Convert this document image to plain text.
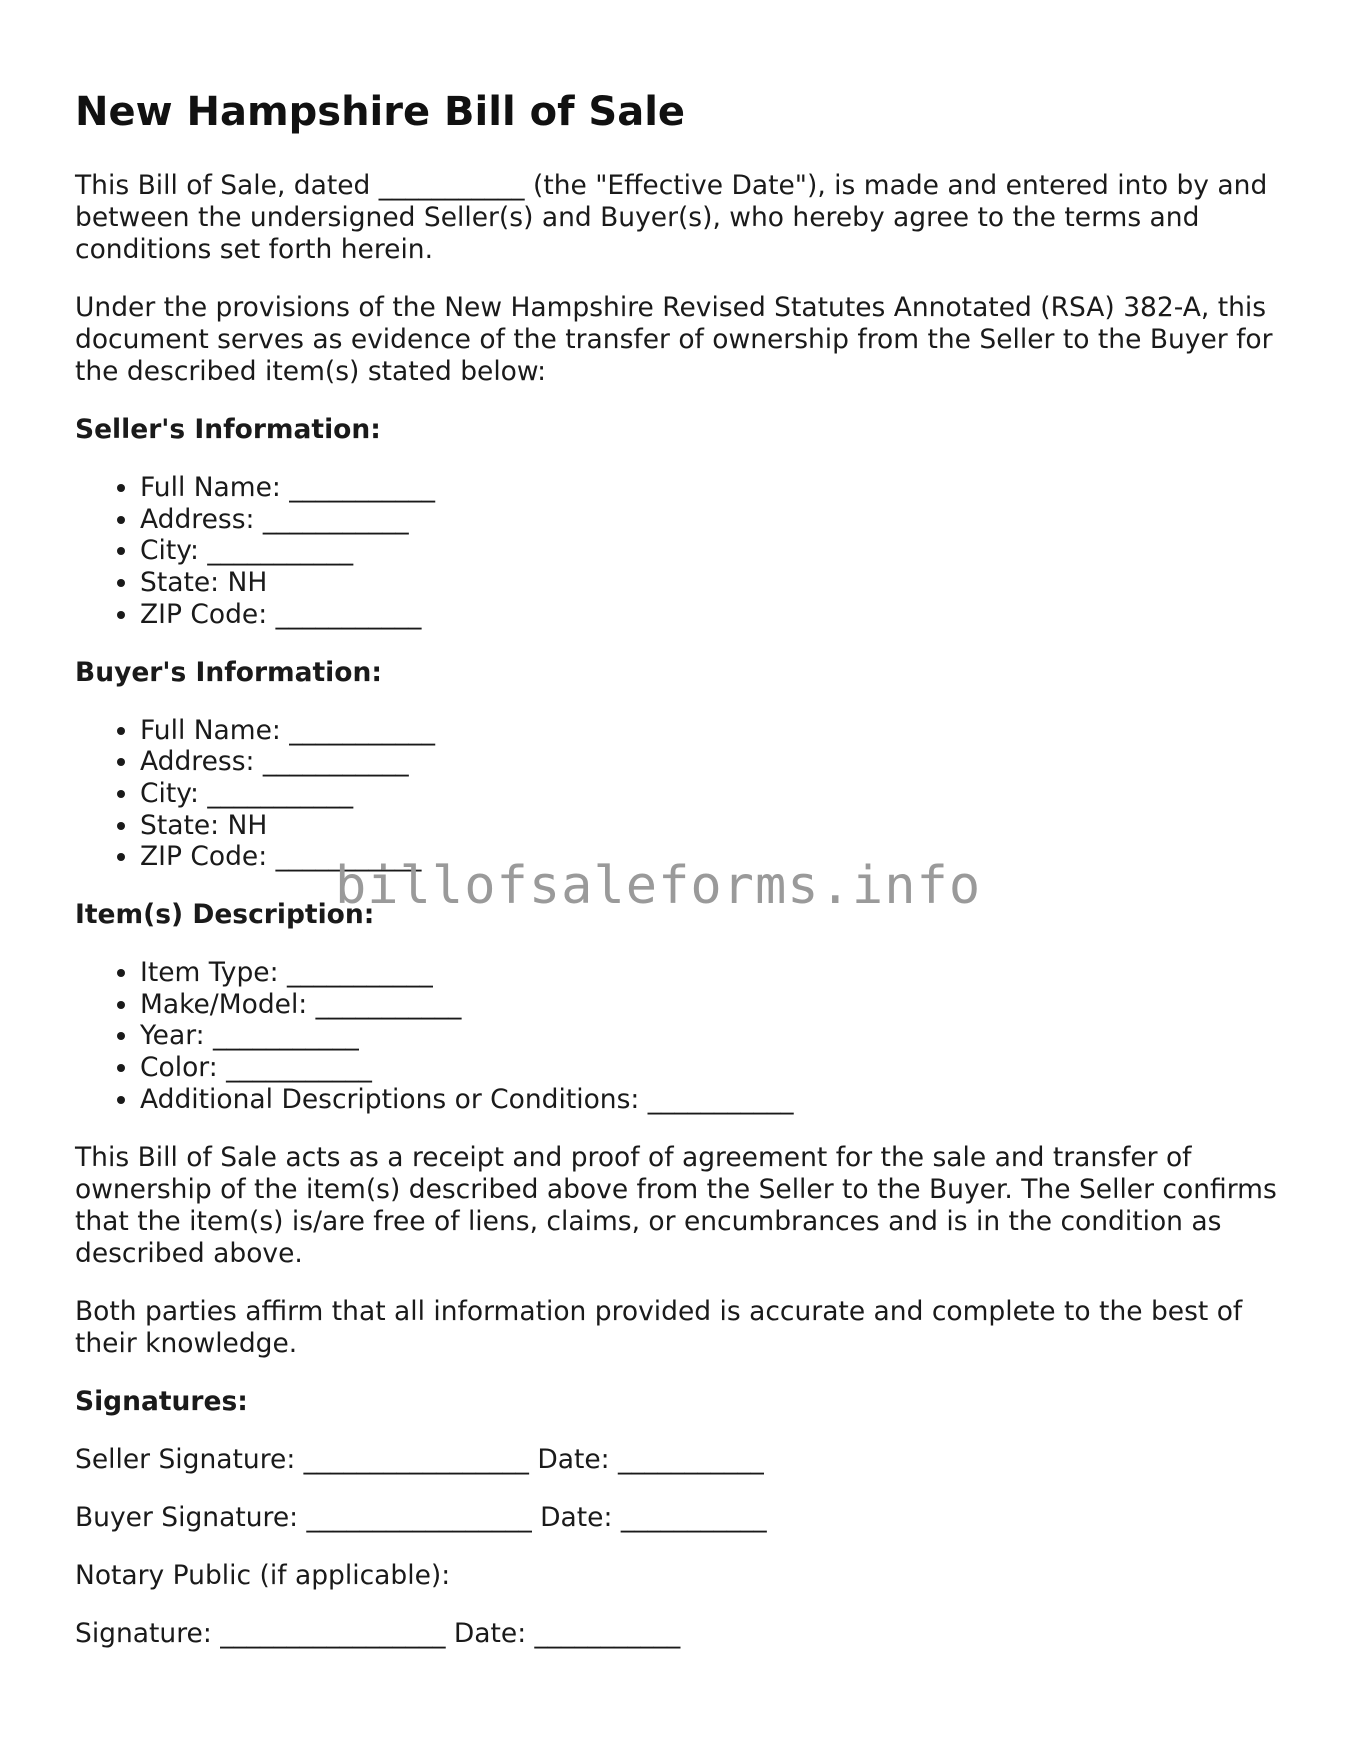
New Hampshire Bill of Sale

This Bill of Sale, dated ___________ (the "Effective Date"), is made and entered into by and between the undersigned Seller(s) and Buyer(s), who hereby agree to the terms and conditions set forth herein.

Under the provisions of the New Hampshire Revised Statutes Annotated (RSA) 382-A, this document serves as evidence of the transfer of ownership from the Seller to the Buyer for the described item(s) stated below:

Seller's Information:
• Full Name: ___________
• Address: ___________
• City: ___________
• State: NH
• ZIP Code: ___________
Buyer's Information:
• Full Name: ___________
• Address: ___________
• City: ___________
• State: NH
• ZIP Code: ___________
Item(s) Description:
• Item Type: ___________
• Make/Model: ___________
• Year: ___________
• Color: ___________
• Additional Descriptions or Conditions: ___________

This Bill of Sale acts as a receipt and proof of agreement for the sale and transfer of ownership of the item(s) described above from the Seller to the Buyer. The Seller confirms that the item(s) is/are free of liens, claims, or encumbrances and is in the condition as described above.

Both parties affirm that all information provided is accurate and complete to the best of their knowledge.

Signatures:
Seller Signature: _________________ Date: ___________
Buyer Signature: _________________ Date: ___________
Notary Public (if applicable):
Signature: _________________ Date: ___________
billofsaleforms.info
